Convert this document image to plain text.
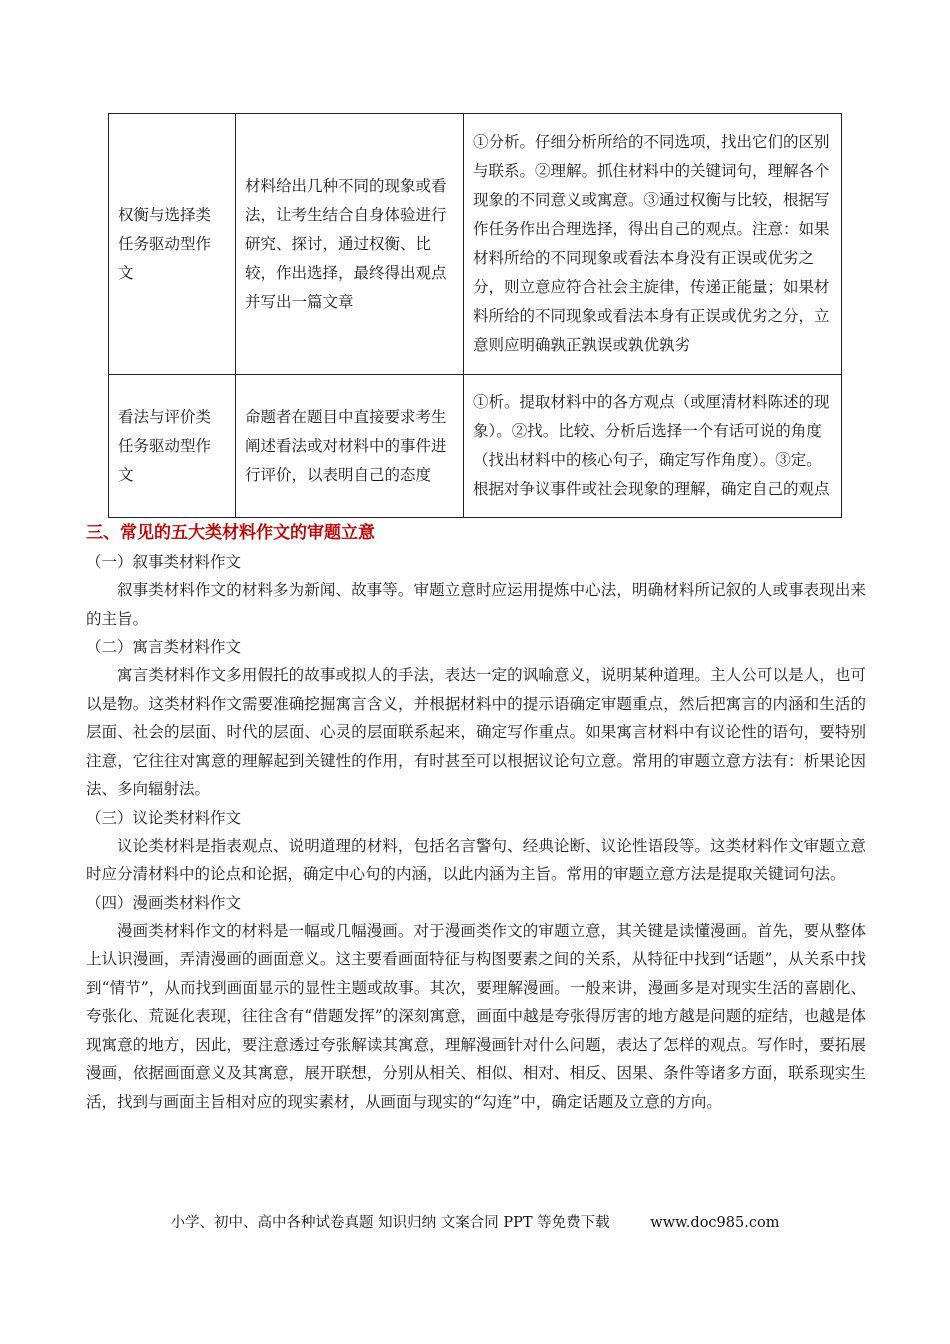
权衡与选择类任务驱动型作文	材料给出几种不同的现象或看法，让考生结合自身体验进行研究、探讨，通过权衡、比较，作出选择，最终得出观点并写出一篇文章	①分析。仔细分析所给的不同选项，找出它们的区别与联系。②理解。抓住材料中的关键词句，理解各个现象的不同意义或寓意。③通过权衡与比较，根据写作任务作出合理选择，得出自己的观点。注意：如果材料所给的不同现象或看法本身没有正误或优劣之分，则立意应符合社会主旋律，传递正能量；如果材料所给的不同现象或看法本身有正误或优劣之分，立意则应明确孰正孰误或孰优孰劣
看法与评价类任务驱动型作文	命题者在题目中直接要求考生阐述看法或对材料中的事件进行评价，以表明自己的态度	①析。提取材料中的各方观点（或厘清材料陈述的现象）。②找。比较、分析后选择一个有话可说的角度（找出材料中的核心句子，确定写作角度）。③定。根据对争议事件或社会现象的理解，确定自己的观点

三、常见的五大类材料作文的审题立意

（一）叙事类材料作文

叙事类材料作文的材料多为新闻、故事等。审题立意时应运用提炼中心法，明确材料所记叙的人或事表现出来的主旨。

（二）寓言类材料作文

寓言类材料作文多用假托的故事或拟人的手法，表达一定的讽喻意义，说明某种道理。主人公可以是人，也可以是物。这类材料作文需要准确挖掘寓言含义，并根据材料中的提示语确定审题重点，然后把寓言的内涵和生活的层面、社会的层面、时代的层面、心灵的层面联系起来，确定写作重点。如果寓言材料中有议论性的语句，要特别注意，它往往对寓意的理解起到关键性的作用，有时甚至可以根据议论句立意。常用的审题立意方法有：析果论因法、多向辐射法。

（三）议论类材料作文

议论类材料是指表观点、说明道理的材料，包括名言警句、经典论断、议论性语段等。这类材料作文审题立意时应分清材料中的论点和论据，确定中心句的内涵，以此内涵为主旨。常用的审题立意方法是提取关键词句法。

（四）漫画类材料作文

漫画类材料作文的材料是一幅或几幅漫画。对于漫画类作文的审题立意，其关键是读懂漫画。首先，要从整体上认识漫画，弄清漫画的画面意义。这主要看画面特征与构图要素之间的关系，从特征中找到“话题”，从关系中找到“情节”，从而找到画面显示的显性主题或故事。其次，要理解漫画。一般来讲，漫画多是对现实生活的喜剧化、夸张化、荒诞化表现，往往含有“借题发挥”的深刻寓意，画面中越是夸张得厉害的地方越是问题的症结，也越是体现寓意的地方，因此，要注意透过夸张解读其寓意，理解漫画针对什么问题，表达了怎样的观点。写作时，要拓展漫画，依据画面意义及其寓意，展开联想，分别从相关、相似、相对、相反、因果、条件等诸多方面，联系现实生活，找到与画面主旨相对应的现实素材，从画面与现实的“勾连”中，确定话题及立意的方向。

小学、初中、高中各种试卷真题 知识归纳 文案合同 PPT 等免费下载	www.doc985.com
